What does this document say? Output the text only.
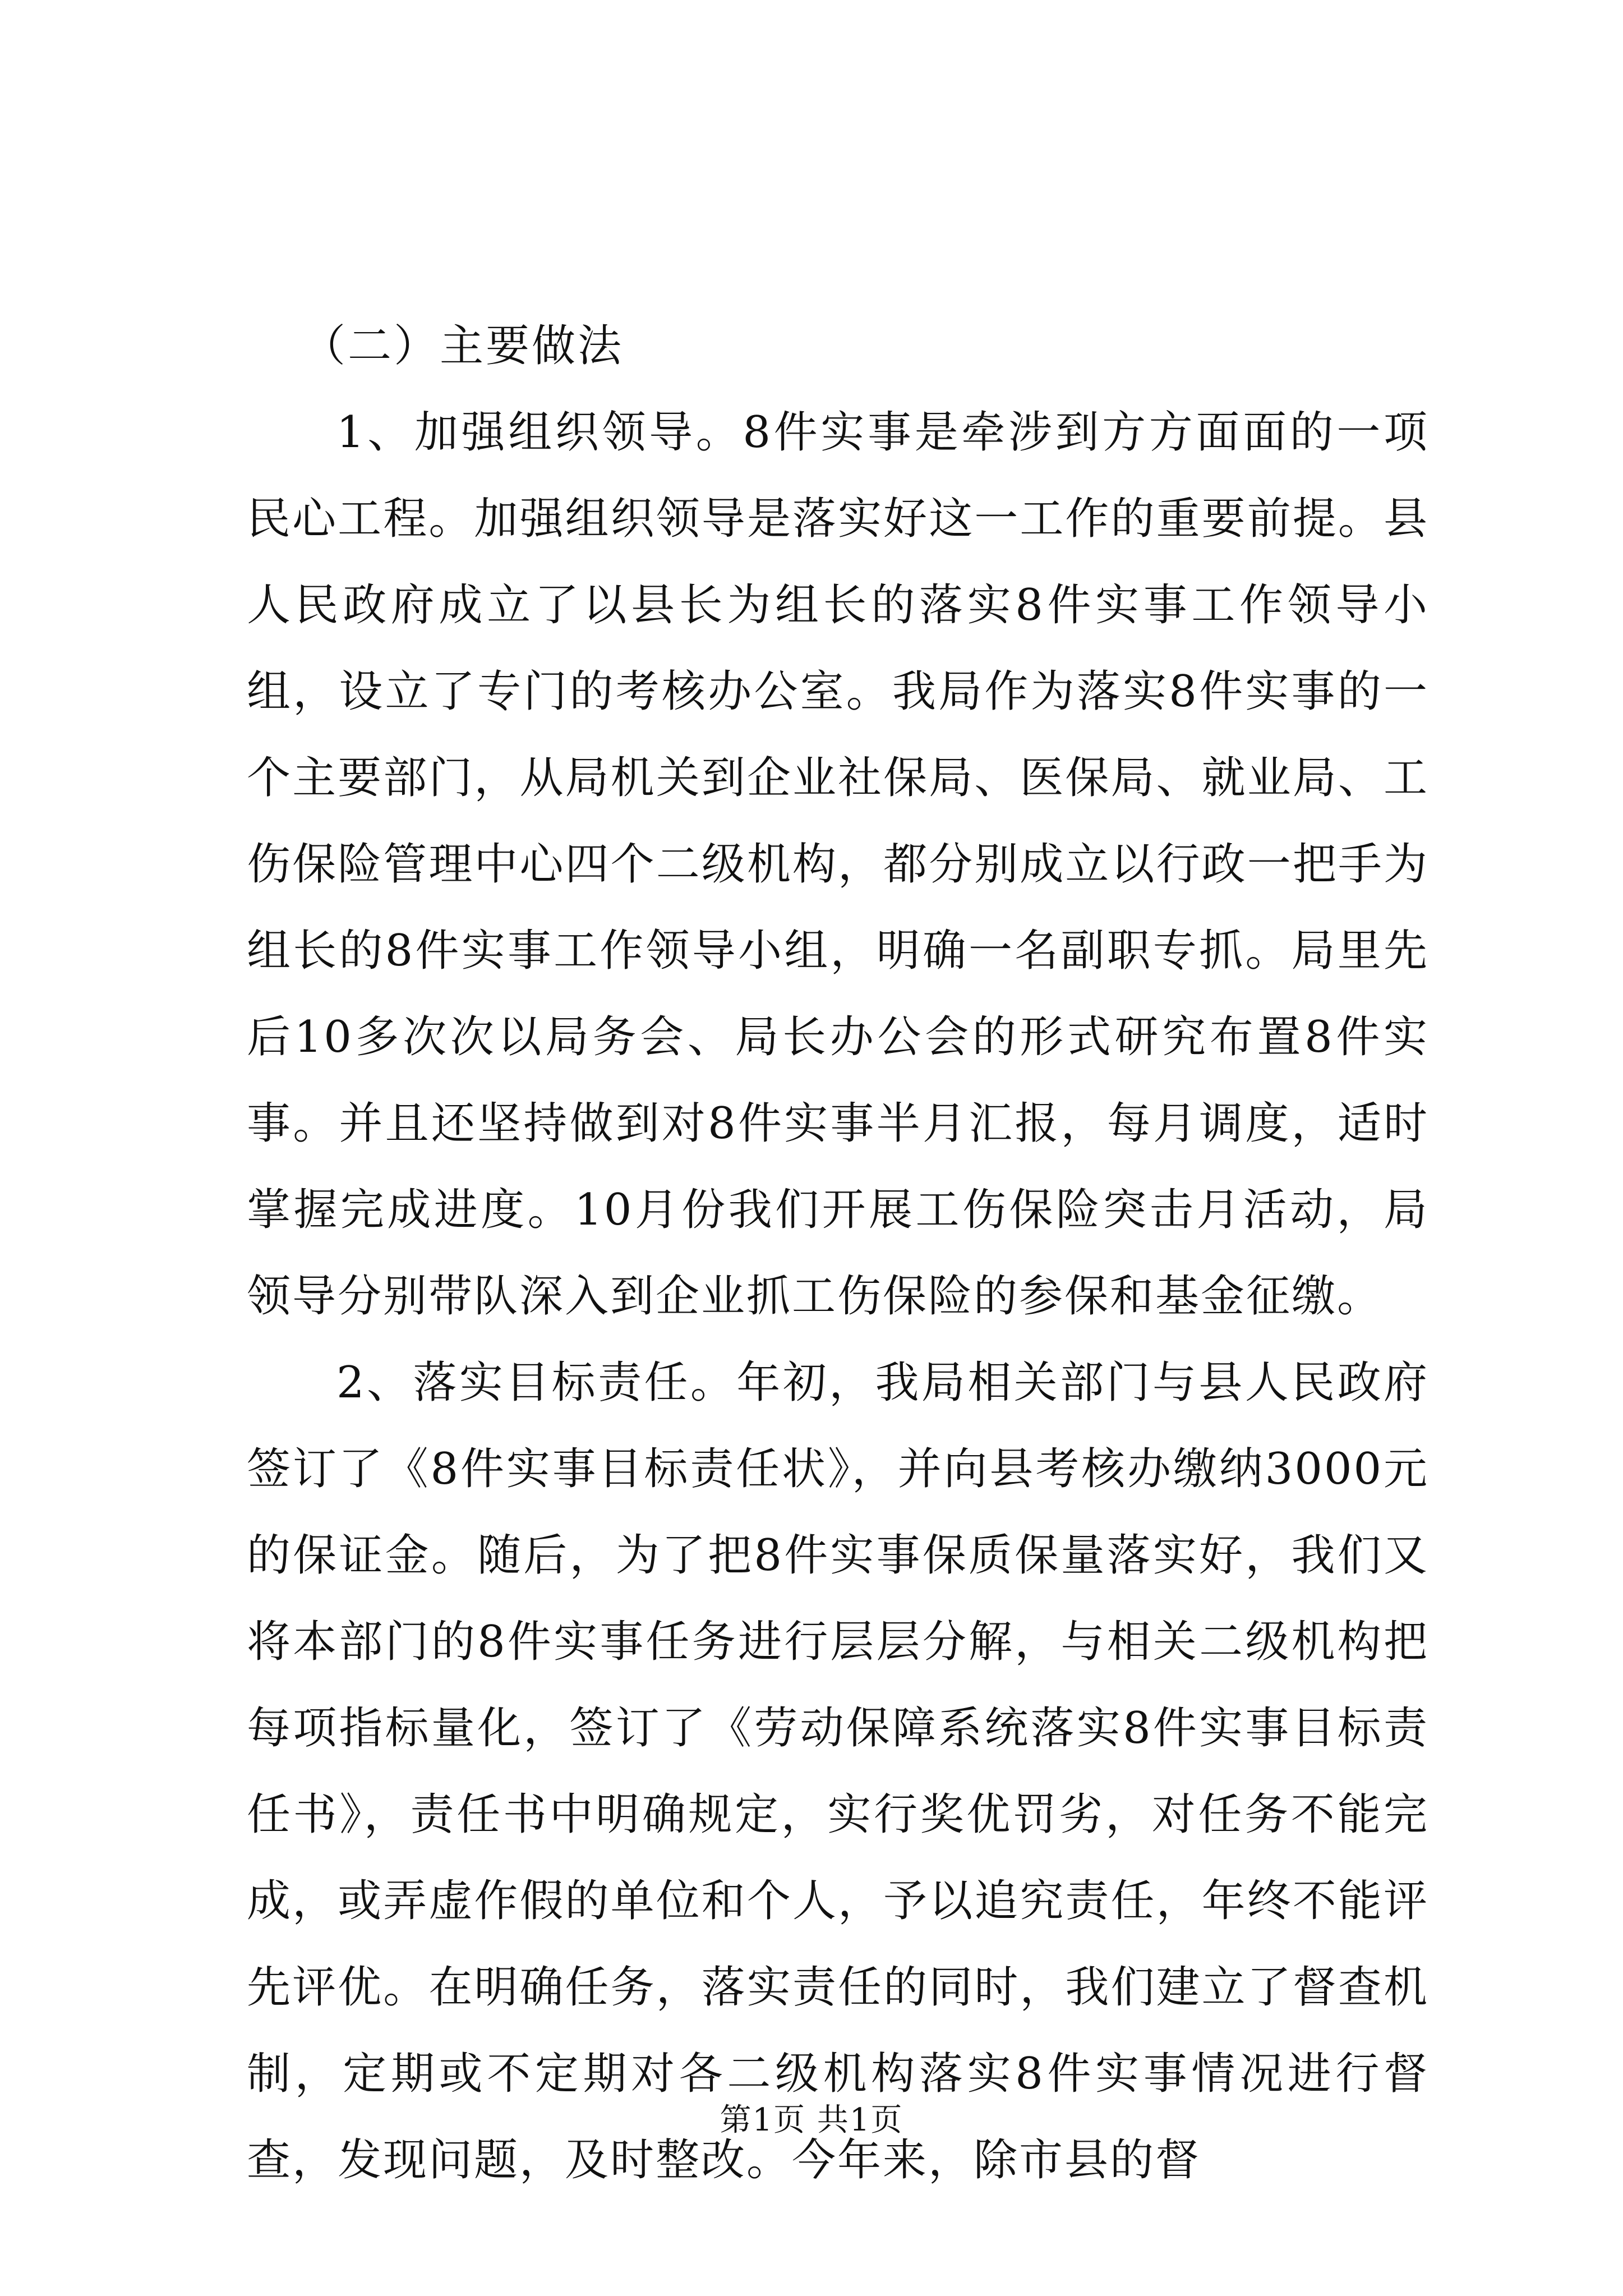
（二）主要做法

1、加强组织领导。8件实事是牵涉到方方面面的一项民心工程。加强组织领导是落实好这一工作的重要前提。县人民政府成立了以县长为组长的落实8件实事工作领导小组，设立了专门的考核办公室。我局作为落实8件实事的一个主要部门，从局机关到企业社保局、医保局、就业局、工伤保险管理中心四个二级机构，都分别成立以行政一把手为组长的8件实事工作领导小组，明确一名副职专抓。局里先后10多次次以局务会、局长办公会的形式研究布置8件实事。并且还坚持做到对8件实事半月汇报，每月调度，适时掌握完成进度。10月份我们开展工伤保险突击月活动，局领导分别带队深入到企业抓工伤保险的参保和基金征缴。

2、落实目标责任。年初，我局相关部门与县人民政府签订了《8件实事目标责任状》，并向县考核办缴纳3000元的保证金。随后，为了把8件实事保质保量落实好，我们又将本部门的8件实事任务进行层层分解，与相关二级机构把每项指标量化，签订了《劳动保障系统落实8件实事目标责任书》，责任书中明确规定，实行奖优罚劣，对任务不能完成，或弄虚作假的单位和个人，予以追究责任，年终不能评先评优。在明确任务，落实责任的同时，我们建立了督查机制，定期或不定期对各二级机构落实8件实事情况进行督查，发现问题，及时整改。今年来，除市县的督

第1页 共1页
